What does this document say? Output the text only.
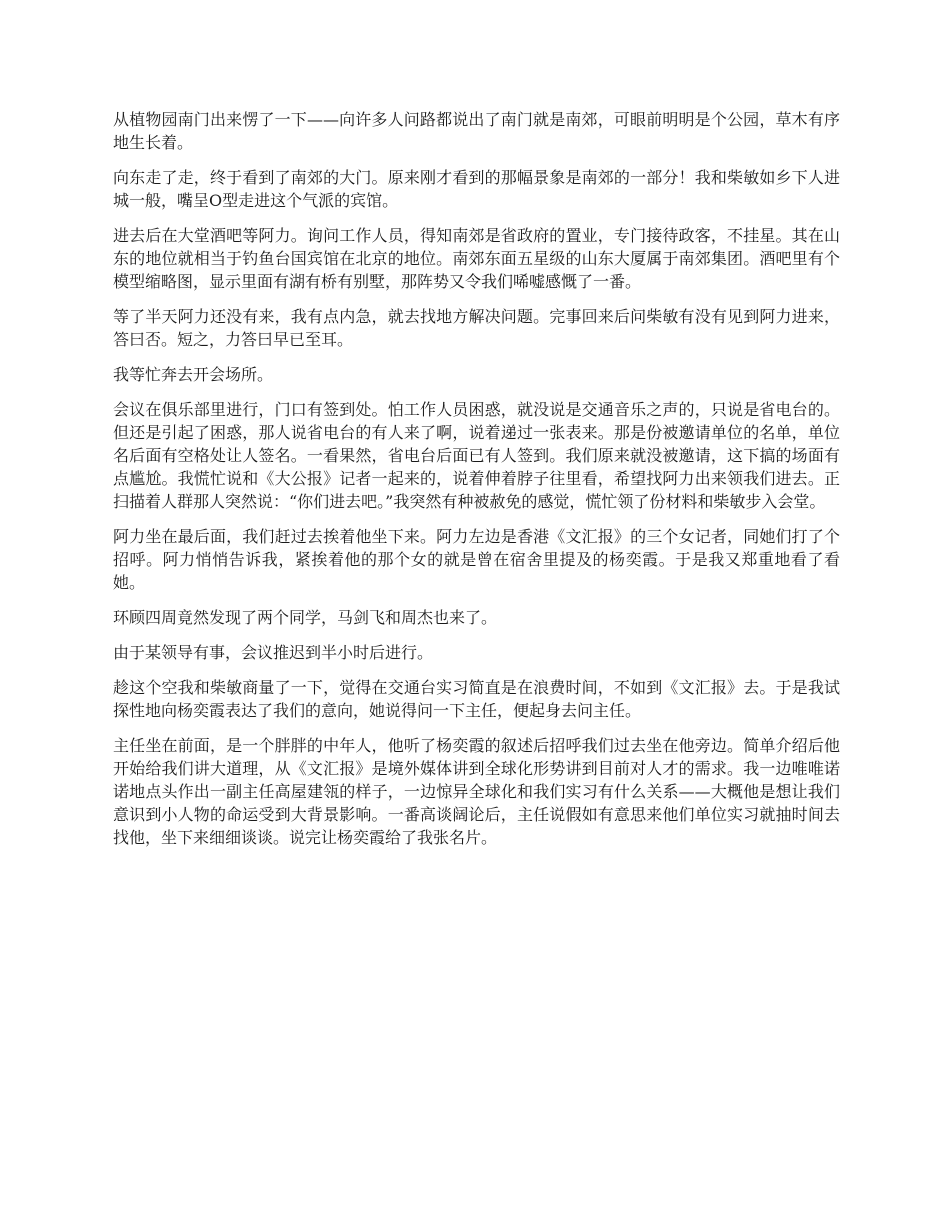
从植物园南门出来愣了一下——向许多人问路都说出了南门就是南郊，可眼前明明是个公园，草木有序地生长着。

向东走了走，终于看到了南郊的大门。原来刚才看到的那幅景象是南郊的一部分！我和柴敏如乡下人进城一般，嘴呈O型走进这个气派的宾馆。

进去后在大堂酒吧等阿力。询问工作人员，得知南郊是省政府的置业，专门接待政客，不挂星。其在山东的地位就相当于钓鱼台国宾馆在北京的地位。南郊东面五星级的山东大厦属于南郊集团。酒吧里有个模型缩略图，显示里面有湖有桥有别墅，那阵势又令我们唏嘘感慨了一番。

等了半天阿力还没有来，我有点内急，就去找地方解决问题。完事回来后问柴敏有没有见到阿力进来，答曰否。短之，力答曰早已至耳。

我等忙奔去开会场所。

会议在俱乐部里进行，门口有签到处。怕工作人员困惑，就没说是交通音乐之声的，只说是省电台的。但还是引起了困惑，那人说省电台的有人来了啊，说着递过一张表来。那是份被邀请单位的名单，单位名后面有空格处让人签名。一看果然，省电台后面已有人签到。我们原来就没被邀请，这下搞的场面有点尴尬。我慌忙说和《大公报》记者一起来的，说着伸着脖子往里看，希望找阿力出来领我们进去。正扫描着人群那人突然说：“你们进去吧。”我突然有种被赦免的感觉，慌忙领了份材料和柴敏步入会堂。

阿力坐在最后面，我们赶过去挨着他坐下来。阿力左边是香港《文汇报》的三个女记者，同她们打了个招呼。阿力悄悄告诉我，紧挨着他的那个女的就是曾在宿舍里提及的杨奕霞。于是我又郑重地看了看她。

环顾四周竟然发现了两个同学，马剑飞和周杰也来了。

由于某领导有事，会议推迟到半小时后进行。

趁这个空我和柴敏商量了一下，觉得在交通台实习简直是在浪费时间，不如到《文汇报》去。于是我试探性地向杨奕霞表达了我们的意向，她说得问一下主任，便起身去问主任。

主任坐在前面，是一个胖胖的中年人，他听了杨奕霞的叙述后招呼我们过去坐在他旁边。简单介绍后他开始给我们讲大道理，从《文汇报》是境外媒体讲到全球化形势讲到目前对人才的需求。我一边唯唯诺诺地点头作出一副主任高屋建瓴的样子，一边惊异全球化和我们实习有什么关系——大概他是想让我们意识到小人物的命运受到大背景影响。一番高谈阔论后，主任说假如有意思来他们单位实习就抽时间去找他，坐下来细细谈谈。说完让杨奕霞给了我张名片。
